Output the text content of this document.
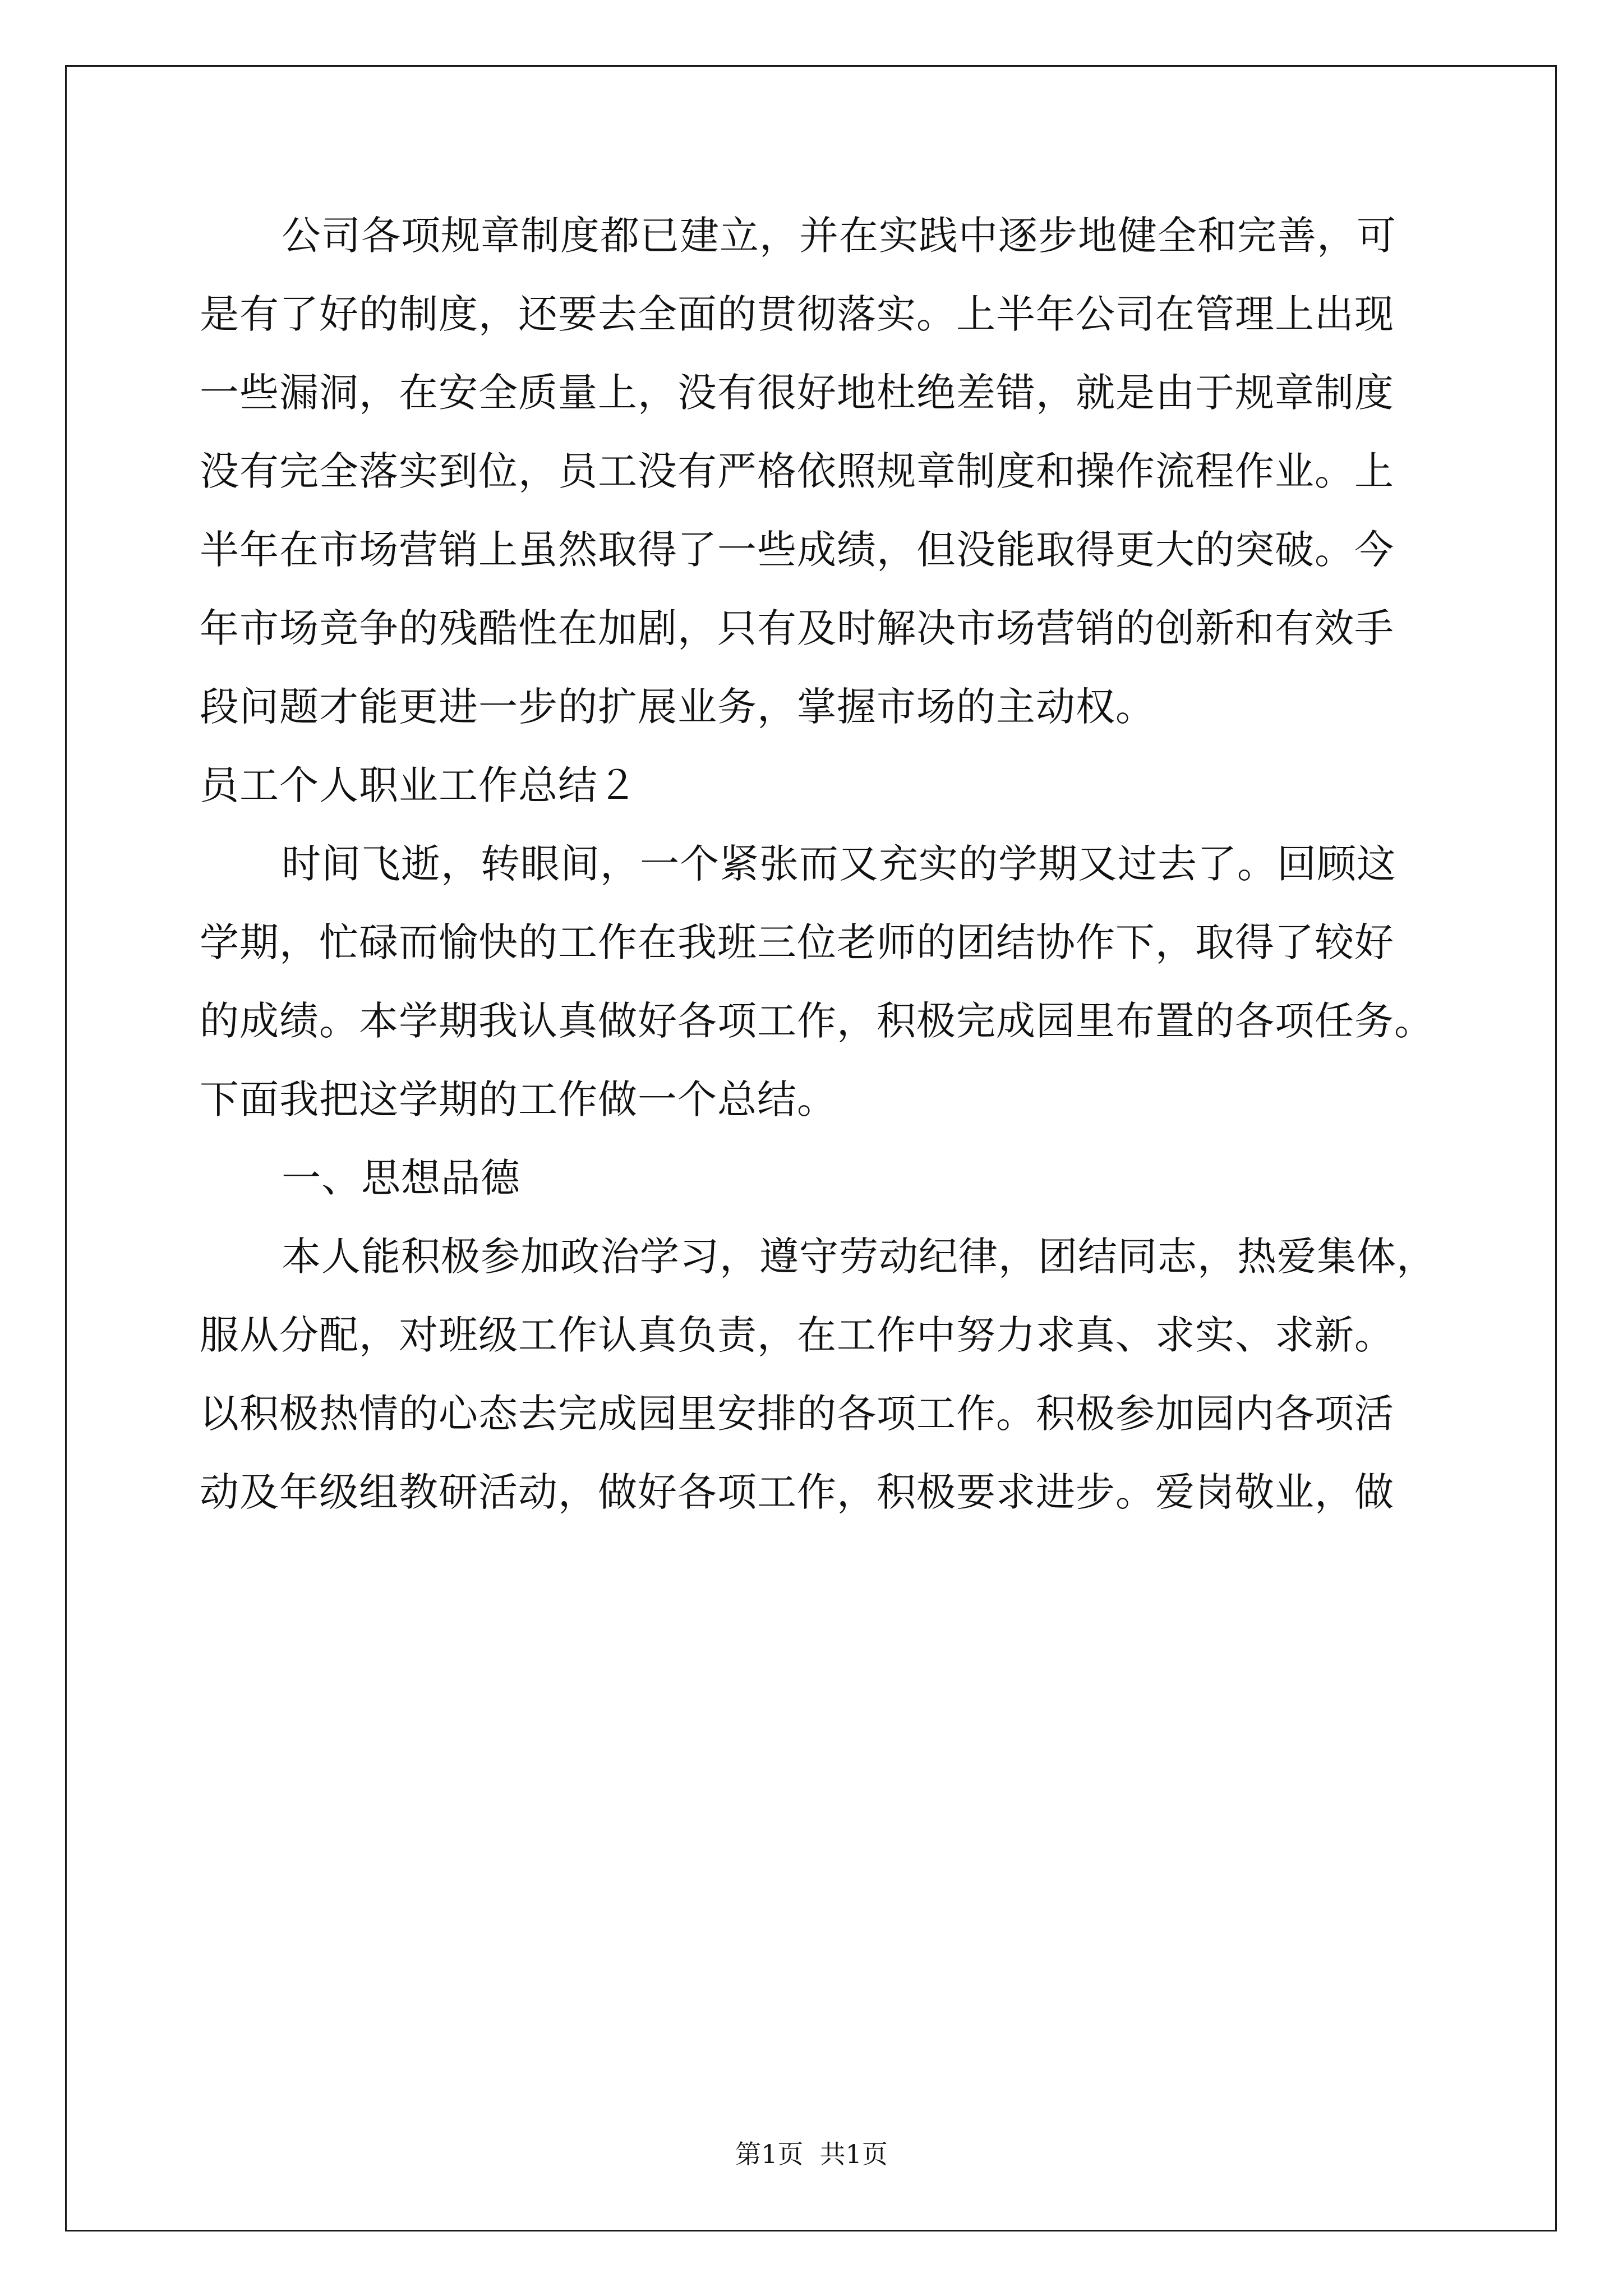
公司各项规章制度都已建立，并在实践中逐步地健全和完善，可
是有了好的制度，还要去全面的贯彻落实。上半年公司在管理上出现
一些漏洞，在安全质量上，没有很好地杜绝差错，就是由于规章制度
没有完全落实到位，员工没有严格依照规章制度和操作流程作业。上
半年在市场营销上虽然取得了一些成绩，但没能取得更大的突破。今
年市场竞争的残酷性在加剧，只有及时解决市场营销的创新和有效手
段问题才能更进一步的扩展业务，掌握市场的主动权。
员工个人职业工作总结２
时间飞逝，转眼间，一个紧张而又充实的学期又过去了。回顾这
学期，忙碌而愉快的工作在我班三位老师的团结协作下，取得了较好
的成绩。本学期我认真做好各项工作，积极完成园里布置的各项任务。
下面我把这学期的工作做一个总结。
一、思想品德
本人能积极参加政治学习，遵守劳动纪律，团结同志，热爱集体，
服从分配，对班级工作认真负责，在工作中努力求真、求实、求新。
以积极热情的心态去完成园里安排的各项工作。积极参加园内各项活
动及年级组教研活动，做好各项工作，积极要求进步。爱岗敬业，做
第1页  共1页
